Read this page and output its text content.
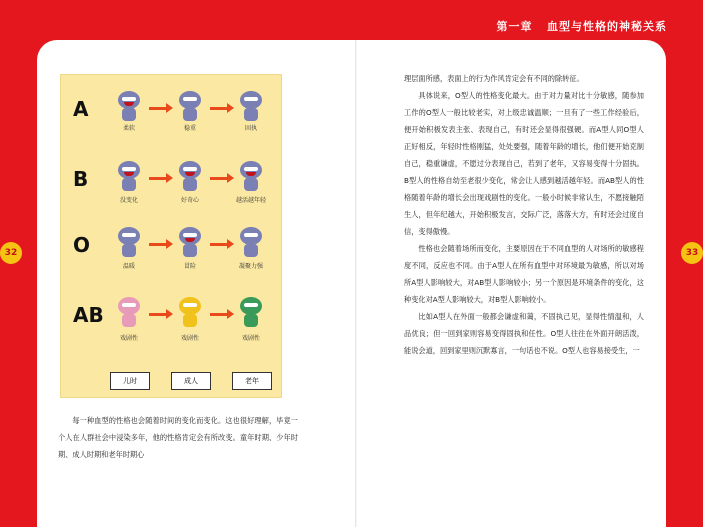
第一章 血型与性格的神秘关系
32	33
A
柔软	稳重	固执
B
没变化	好奇心	越活越年轻
O
温暖	冒险	凝聚力强
AB
戏剧性	戏剧性	戏剧性
儿时	成人	老年

每一种血型的性格也会随着时间的变化而变化。这也很好理解，毕竟一个人在人群社会中浸染多年，他的性格肯定会有所改变。童年时期、少年时期、成人时期和老年时期心

理层面所感，表面上的行为作风肯定会有不同的除转征。

具体说来，O型人的性格变化最大。由于对力量对比十分敏感，随参加工作的O型人一般比较老实，对上级忠诚温顺；一旦有了一些工作经验后，便开始积极发表主张、表现自己，有时还会显得很强硬。而A型人同O型人正好相反，年轻时性格刚猛，处处要强，随着年龄的增长，他们便开始克制自己，稳重谦虚，不愿过分表现自己，若到了老年，又容易变得十分固执。B型人的性格自幼至老很少变化，常会让人感到越活越年轻。而AB型人的性格随着年龄的增长会出现戏剧性的变化。一般小时候非常认生，不愿接触陌生人，但年纪越大，开始积极发言，交际广泛，落落大方，有时还会过度自信，变得傲慢。

性格也会随着场所而变化，主要原因在于不同血型的人对场所的敏感程度不同，反应也不同。由于A型人在所有血型中对环境最为敏感，所以对场所A型人影响较大，对AB型人影响较小；另一个原因是环境条件的变化，这种变化对A型人影响较大，对B型人影响较小。

比如A型人在外面一般都会谦虚和蔼，不固执己见，显得性情温和，人品优良；但一回到家则容易变得固执和任性。O型人往往在外面开朗活泼，能说会道，回到家里则沉默寡言，一句话也不说。O型人也容易接受生，一
